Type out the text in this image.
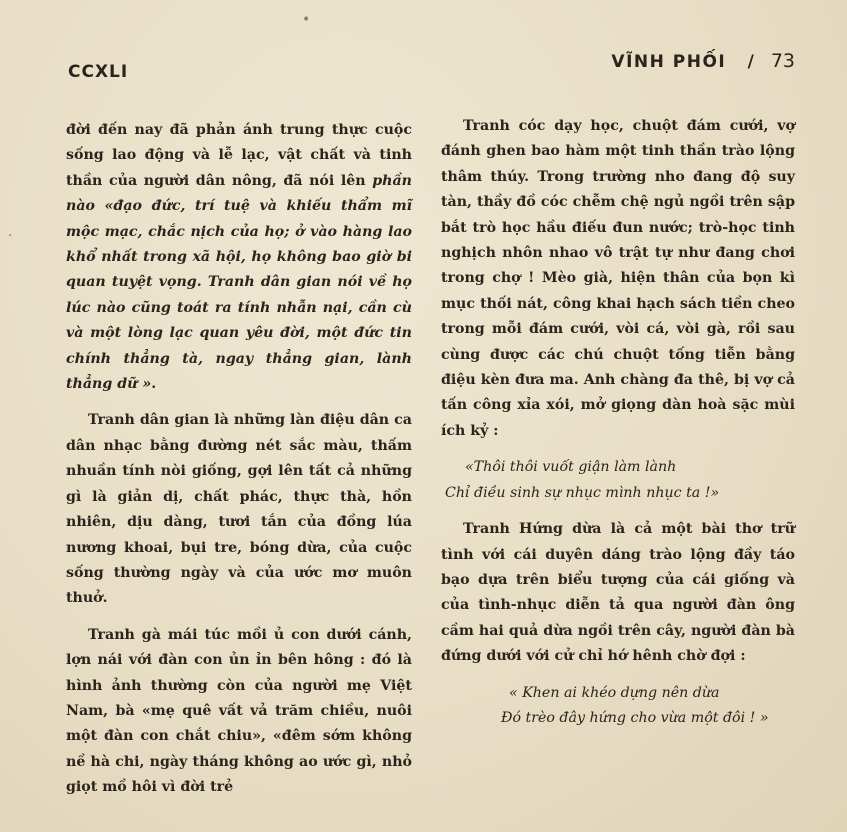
CCXLI	VĨNH PHỐI / 73

đời đến nay đã phản ánh trung thực cuộc sống lao động và lễ lạc, vật chất và tinh thần của người dân nông, đã nói lên phần nào «đạo đức, trí tuệ và khiếu thẩm mĩ mộc mạc, chắc nịch của họ; ở vào hàng lao khổ nhất trong xã hội, họ không bao giờ bi quan tuyệt vọng. Tranh dân gian nói về họ lúc nào cũng toát ra tính nhẫn nại, cần cù và một lòng lạc quan yêu đời, một đức tin chính thẳng tà, ngay thẳng gian, lành thẳng dữ ».

Tranh dân gian là những làn điệu dân ca dân nhạc bằng đường nét sắc màu, thấm nhuần tính nòi giống, gợi lên tất cả những gì là giản dị, chất phác, thực thà, hồn nhiên, dịu dàng, tươi tắn của đồng lúa nương khoai, bụi tre, bóng dừa, của cuộc sống thường ngày và của ước mơ muôn thuở.

Tranh gà mái túc mồi ủ con dưới cánh, lợn nái với đàn con ủn ỉn bên hông : đó là hình ảnh thường còn của người mẹ Việt Nam, bà «mẹ quê vất vả trăm chiều, nuôi một đàn con chắt chiu», «đêm sớm không nề hà chi, ngày tháng không ao ước gì, nhỏ giọt mồ hôi vì đời trẻ

Tranh cóc dạy học, chuột đám cưới, vợ đánh ghen bao hàm một tinh thần trào lộng thâm thúy. Trong trường nho đang độ suy tàn, thầy đồ cóc chễm chệ ngủ ngồi trên sập bắt trò học hầu điếu đun nước; trò-học tinh nghịch nhôn nhao vô trật tự như đang chơi trong chợ ! Mèo già, hiện thân của bọn kì mục thối nát, công khai hạch sách tiền cheo trong mỗi đám cưới, vòi cá, vòi gà, rồi sau cùng được các chú chuột tống tiễn bằng điệu kèn đưa ma. Anh chàng đa thê, bị vợ cả tấn công xỉa xói, mở giọng dàn hoà sặc mùi ích kỷ :

«Thôi thôi vuốt giận làm lành
Chỉ điều sinh sự nhục mình nhục ta !»

Tranh Hứng dừa là cả một bài thơ trữ tình với cái duyên dáng trào lộng đầy táo bạo dựa trên biểu tượng của cái giống và của tình-nhục diễn tả qua người đàn ông cầm hai quả dừa ngồi trên cây, người đàn bà đứng dưới với cử chỉ hớ hênh chờ đợi :

« Khen ai khéo dựng nên dừa
Đó trèo đây hứng cho vừa một đôi ! »
·
•
